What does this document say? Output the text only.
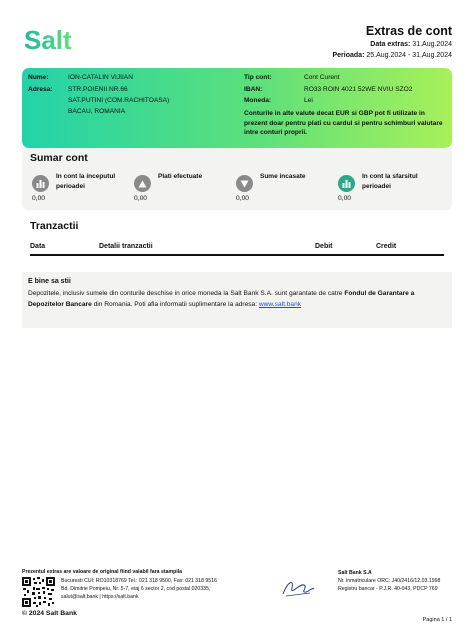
Salt	Extras de cont
Data extras: 31.Aug.2024
Perioada: 25.Aug.2024 - 31.Aug.2024
Nume:	ION-CATALIN VIJIIAN
Adresa: STR.POIENII NR.66
SAT.PUTINI (COM.RACHITOASA)
BACAU, ROMANIA
Tip cont:	Cont Curent
IBAN:	RO33 ROIN 4021 52WE NVIU SZO2
Moneda:	Lei
Conturile in alte valute decat EUR si GBP pot fi utilizate in prezent doar pentru plati cu cardul si pentru schimburi valutare intre conturi proprii.
Sumar cont
In cont la inceputul perioadei
0,00
Plati efectuate
0,00
Sume incasate
0,00
In cont la sfarsitul perioadei
0,00
Tranzactii
Data	Detalii tranzactii	Debit	Credit
E bine sa stii
Depozitele, inclusiv sumele din conturile deschise in orice moneda la Salt Bank S.A. sunt garantate de catre Fondul de Garantare a Depozitelor Bancare din Romania. Poti afla informatii suplimentare la adresa: www.salt.bank
Prezentul extras are valoare de original fiind valabil fara stampila
Bucuresti CUI: RO10318769 Tel.: 021 318 9500, Fax: 021 318 9516
Bd. Dimitrie Pompeiu, Nr. 5-7, etaj 6 sector 2, cod postal 020335,
salut@salt.bank | https://salt.bank
Salt Bank S.A
Nr. inmatriculare ORC: J40/2416/12.03.1998
Registru bancar - P.J.R. 40-043, PDCP 769
© 2024 Salt Bank
Pagina 1 / 1
